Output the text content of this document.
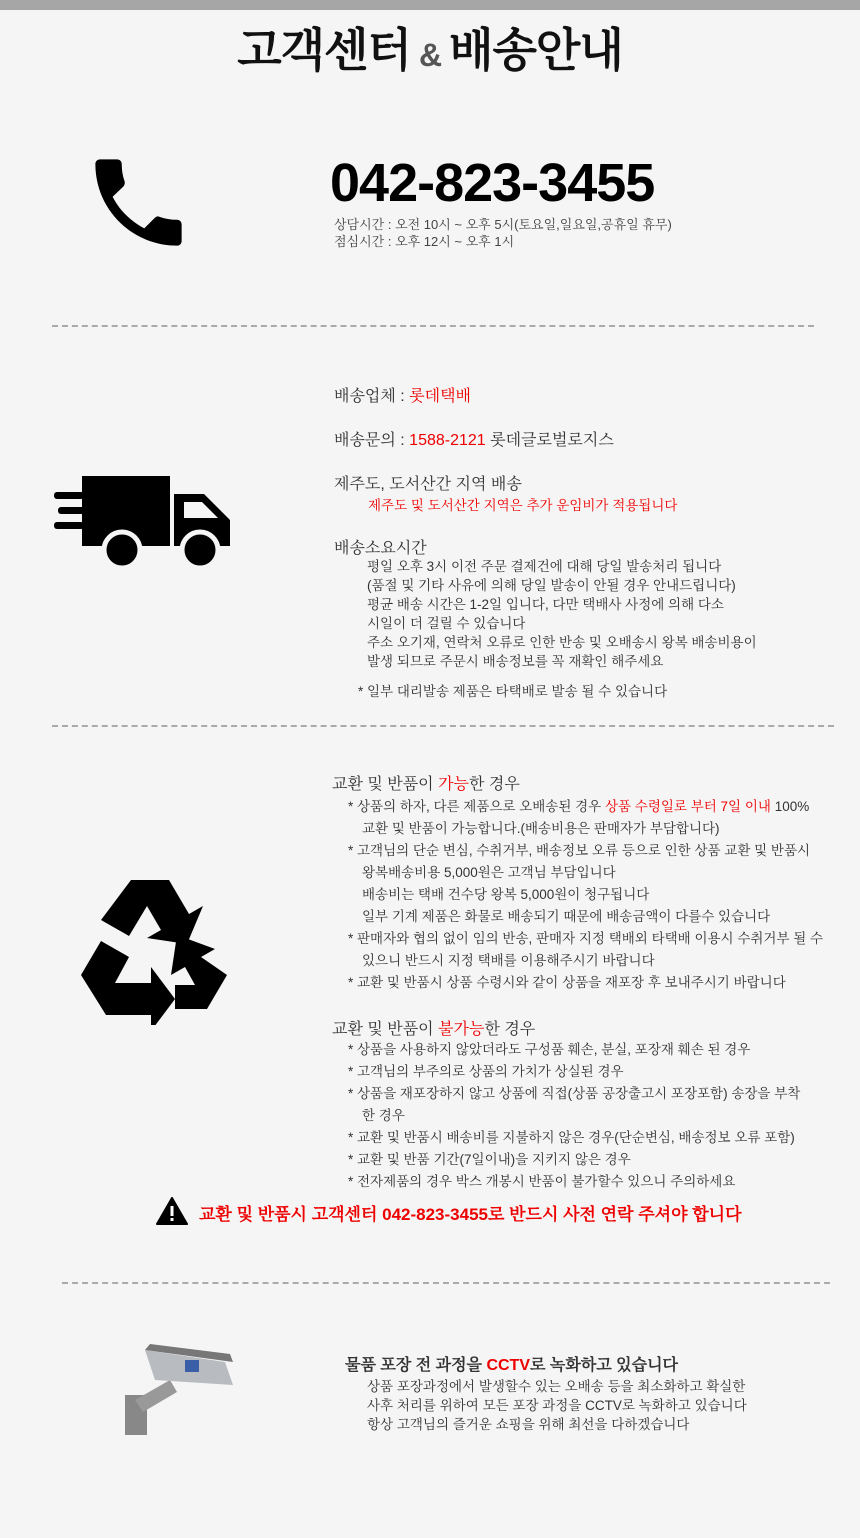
고객센터 & 배송안내
042-823-3455
상담시간 : 오전 10시 ~ 오후 5시(토요일,일요일,공휴일 휴무)
점심시간 : 오후 12시 ~ 오후 1시
배송업체 : 롯데택배
배송문의 : 1588-2121 롯데글로벌로지스
제주도, 도서산간 지역 배송
제주도 및 도서산간 지역은 추가 운임비가 적용됩니다
배송소요시간
평일 오후 3시 이전 주문 결제건에 대해 당일 발송처리 됩니다
(품절 및 기타 사유에 의해 당일 발송이 안될 경우 안내드립니다)
평균 배송 시간은 1-2일 입니다, 다만 택배사 사정에 의해 다소
시일이 더 걸릴 수 있습니다
주소 오기재, 연락처 오류로 인한 반송 및 오배송시 왕복 배송비용이
발생 되므로 주문시 배송정보를 꼭 재확인 해주세요
* 일부 대리발송 제품은 타택배로 발송 될 수 있습니다
교환 및 반품이 가능한 경우
* 상품의 하자, 다른 제품으로 오배송된 경우 상품 수령일로 부터 7일 이내 100%
교환 및 반품이 가능합니다.(배송비용은 판매자가 부담합니다)
* 고객님의 단순 변심, 수취거부, 배송정보 오류 등으로 인한 상품 교환 및 반품시
왕복배송비용 5,000원은 고객님 부담입니다
배송비는 택배 건수당 왕복 5,000원이 청구됩니다
일부 기계 제품은 화물로 배송되기 때문에 배송금액이 다를수 있습니다
* 판매자와 협의 없이 임의 반송, 판매자 지정 택배외 타택배 이용시 수취거부 될 수
있으니 반드시 지정 택배를 이용해주시기 바랍니다
* 교환 및 반품시 상품 수령시와 같이 상품을 재포장 후 보내주시기 바랍니다
교환 및 반품이 불가능한 경우
* 상품을 사용하지 않았더라도 구성품 훼손, 분실, 포장재 훼손 된 경우
* 고객님의 부주의로 상품의 가치가 상실된 경우
* 상품을 재포장하지 않고 상품에 직접(상품 공장출고시 포장포함) 송장을 부착
한 경우
* 교환 및 반품시 배송비를 지불하지 않은 경우(단순변심, 배송정보 오류 포함)
* 교환 및 반품 기간(7일이내)을 지키지 않은 경우
* 전자제품의 경우 박스 개봉시 반품이 불가할수 있으니 주의하세요
교환 및 반품시 고객센터 042-823-3455로 반드시 사전 연락 주셔야 합니다
물품 포장 전 과정을 CCTV로 녹화하고 있습니다
상품 포장과정에서 발생할수 있는 오배송 등을 최소화하고 확실한
사후 처리를 위하여 모든 포장 과정을 CCTV로 녹화하고 있습니다
항상 고객님의 즐거운 쇼핑을 위해 최선을 다하겠습니다
